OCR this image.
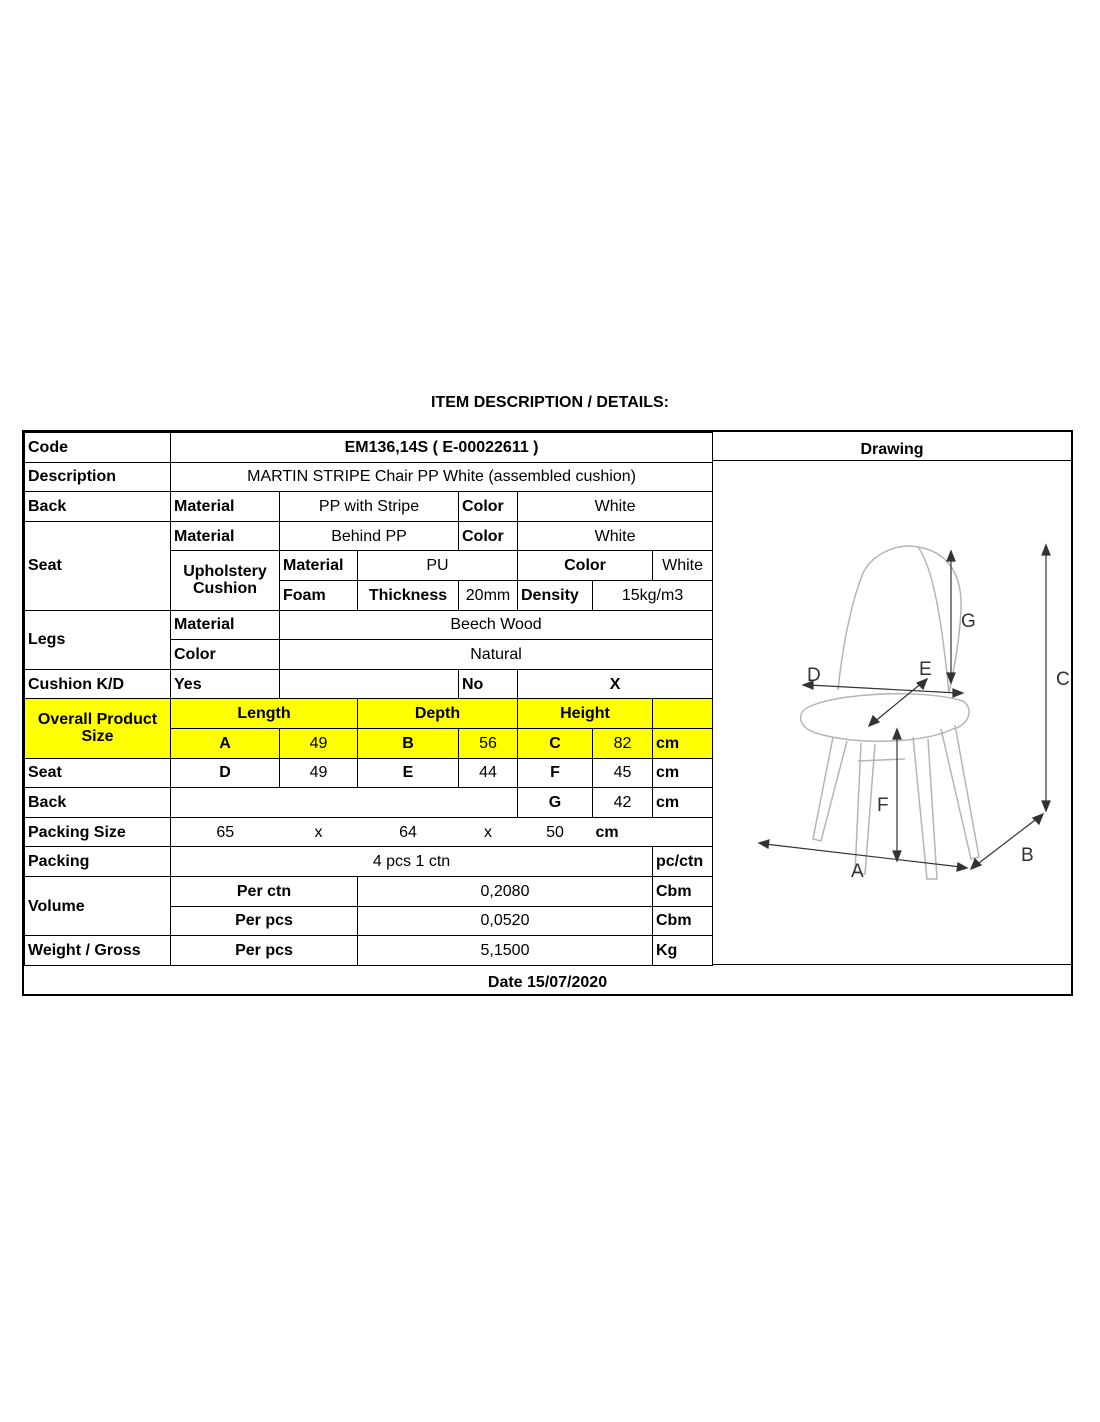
ITEM DESCRIPTION / DETAILS:
Code	EM136,14S ( E-00022611 )						
Description	MARTIN STRIPE Chair PP White (assembled cushion)						
Back	Material	PP with Stripe		Color	White		
Seat	Material	Behind PP		Color	White		
	Upholstery Cushion	Material	PU		Color		White
		Foam	Thickness	20mm	Density	15kg/m3	
Legs	Material	Beech Wood					
	Color	Natural					
Cushion K/D	Yes			No	X		
Overall Product Size	Length		Depth		Height		
	A	49	B	56	C	82	cm
Seat	D	49	E	44	F	45	cm
Back					G	42	cm
Packing Size	65	x	64	x	50	cm	
Packing	4 pcs 1 ctn						pc/ctn
Volume	Per ctn		0,2080				Cbm
	Per pcs		0,0520				Cbm
Weight / Gross	Per pcs		5,1500				Kg
Drawing
G
C
D	E
F
A
B
Date 15/07/2020
